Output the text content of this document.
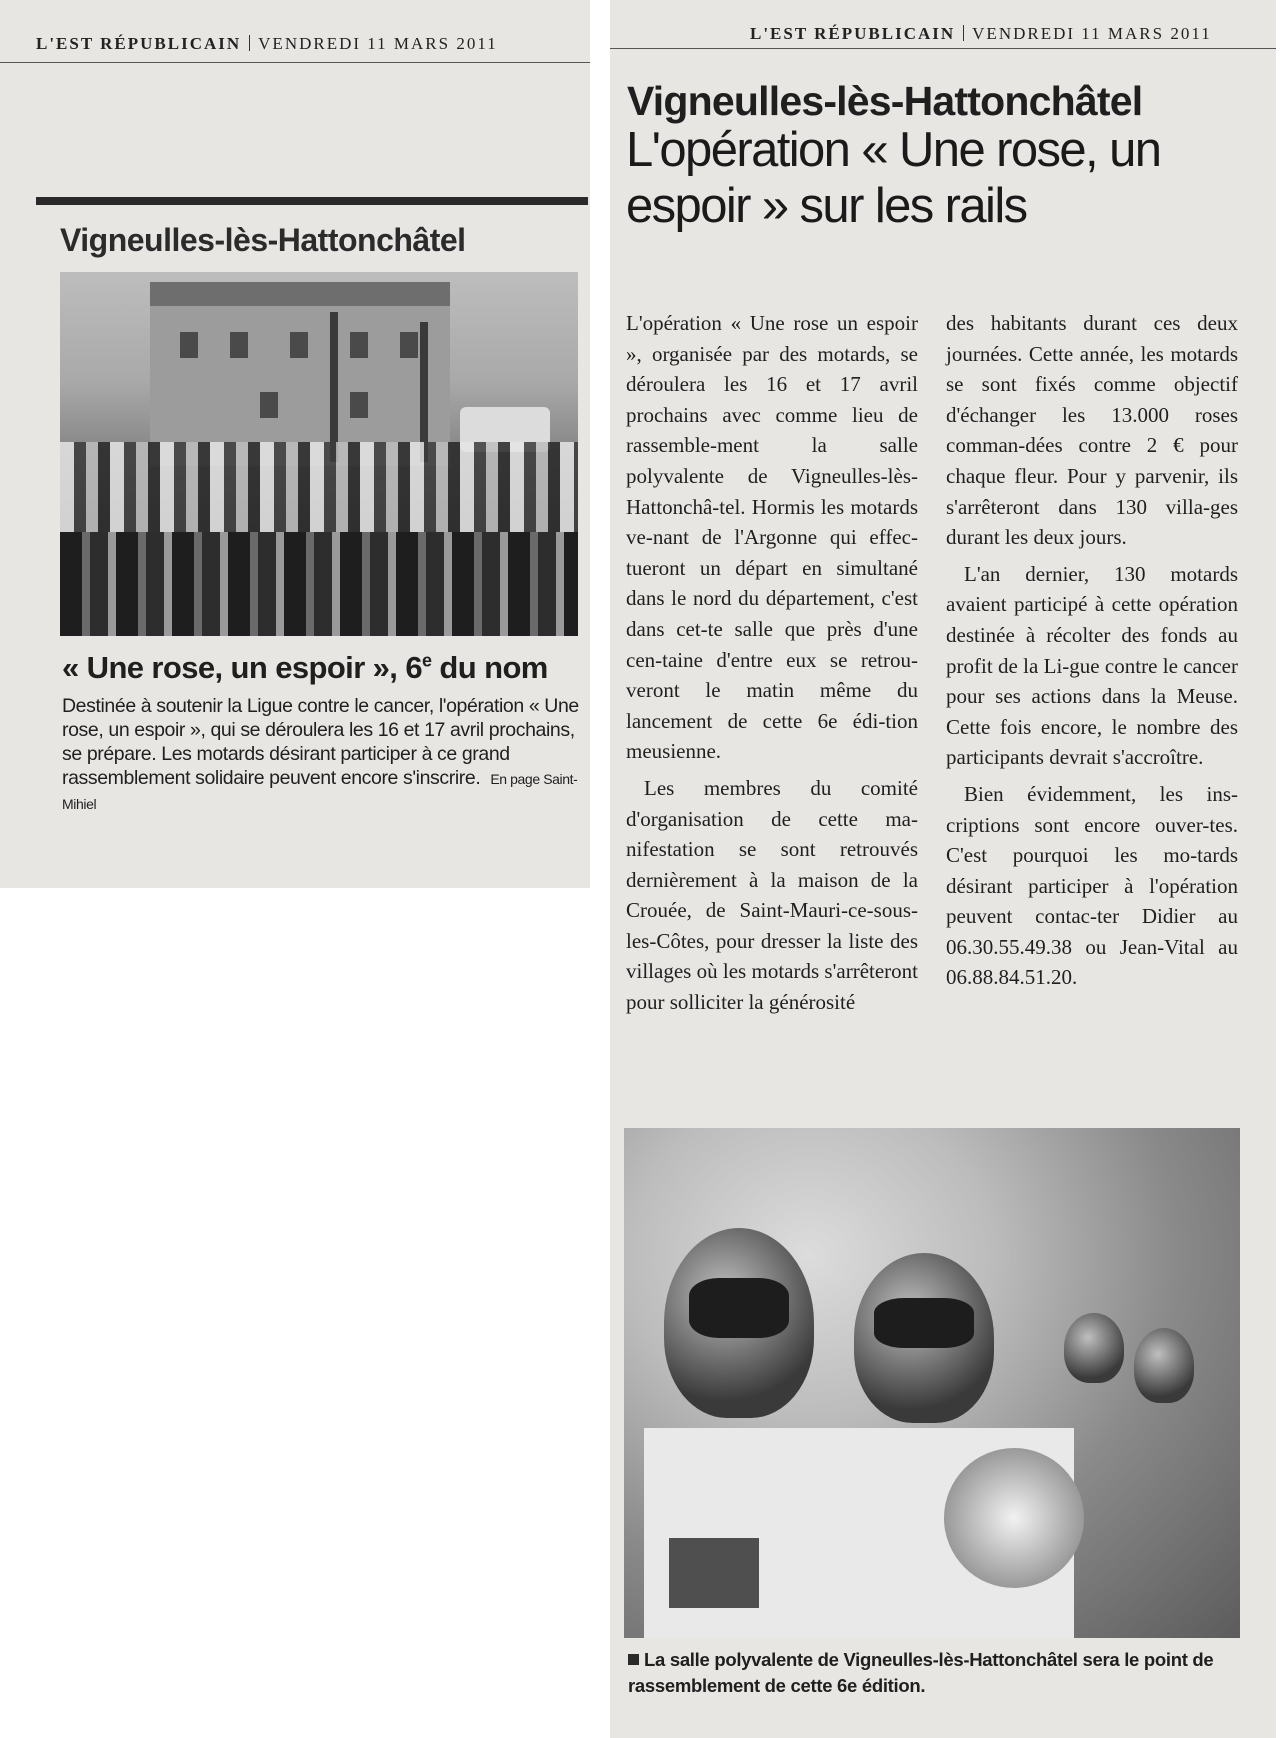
L'EST RÉPUBLICAIN VENDREDI 11 MARS 2011
Vigneulles-lès-Hattonchâtel
« Une rose, un espoir », 6e du nom
Destinée à soutenir la Ligue contre le cancer, l'opération « Une rose, un espoir », qui se déroulera les 16 et 17 avril prochains, se prépare. Les motards désirant participer à ce grand rassemblement solidaire peuvent encore s'inscrire. En page Saint-Mihiel
L'EST RÉPUBLICAIN VENDREDI 11 MARS 2011
Vigneulles-lès-Hattonchâtel
L'opération « Une rose, un espoir » sur les rails

L'opération « Une rose un espoir », organisée par des motards, se déroulera les 16 et 17 avril prochains avec comme lieu de rassemble-ment la salle polyvalente de Vigneulles-lès-Hattonchâ-tel. Hormis les motards ve-nant de l'Argonne qui effec-tueront un départ en simultané dans le nord du département, c'est dans cet-te salle que près d'une cen-taine d'entre eux se retrou-veront le matin même du lancement de cette 6e édi-tion meusienne.

Les membres du comité d'organisation de cette ma-nifestation se sont retrouvés dernièrement à la maison de la Crouée, de Saint-Mauri-ce-sous-les-Côtes, pour dresser la liste des villages où les motards s'arrêteront pour solliciter la générosité

des habitants durant ces deux journées. Cette année, les motards se sont fixés comme objectif d'échanger les 13.000 roses comman-dées contre 2 € pour chaque fleur. Pour y parvenir, ils s'arrêteront dans 130 villa-ges durant les deux jours.

L'an dernier, 130 motards avaient participé à cette opération destinée à récolter des fonds au profit de la Li-gue contre le cancer pour ses actions dans la Meuse. Cette fois encore, le nombre des participants devrait s'accroître.

Bien évidemment, les ins-criptions sont encore ouver-tes. C'est pourquoi les mo-tards désirant participer à l'opération peuvent contac-ter Didier au 06.30.55.49.38 ou Jean-Vital au 06.88.84.51.20.

La salle polyvalente de Vigneulles-lès-Hattonchâtel sera le point de rassemblement de cette 6e édition.
